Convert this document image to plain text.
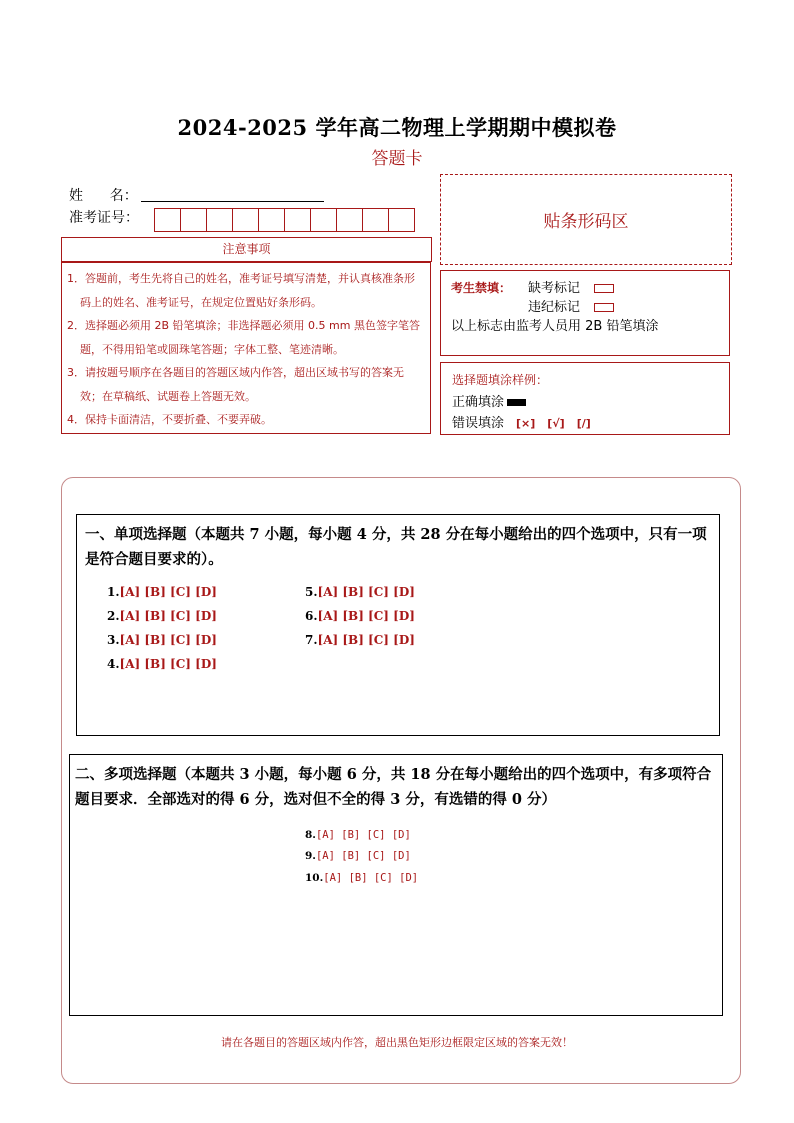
2024-2025 学年高二物理上学期期中模拟卷
答题卡
姓      名：
准考证号：	贴条形码区
注意事项

1．答题前，考生先将自己的姓名，准考证号填写清楚，并认真核准条形码上的姓名、准考证号，在规定位置贴好条形码。

2．选择题必须用 2B 铅笔填涂；非选择题必须用 0.5 mm 黑色签字笔答题，不得用铅笔或圆珠笔答题；字体工整、笔迹清晰。

3．请按题号顺序在各题目的答题区域内作答，超出区域书写的答案无效；在草稿纸、试题卷上答题无效。

4．保持卡面清洁，不要折叠、不要弄破。

考生禁填： 缺考标记
违纪标记
以上标志由监考人员用 2B 铅笔填涂
选择题填涂样例：
正确填涂
错误填涂 [×] [√] [/]
一、单项选择题（本题共 7 小题，每小题 4 分，共 28 分在每小题给出的四个选项中，只有一项是符合题目要求的）。
1.[A] [B] [C] [D]
2.[A] [B] [C] [D]
3.[A] [B] [C] [D]
4.[A] [B] [C] [D]
5.[A] [B] [C] [D]
6.[A] [B] [C] [D]
7.[A] [B] [C] [D]
二、多项选择题（本题共 3 小题，每小题 6 分，共 18 分在每小题给出的四个选项中，有多项符合题目要求．全部选对的得 6 分，选对但不全的得 3 分，有选错的得 0 分）
8.[A] [B] [C] [D]
9.[A] [B] [C] [D]
10.[A] [B] [C] [D]
请在各题目的答题区域内作答，超出黑色矩形边框限定区域的答案无效！
